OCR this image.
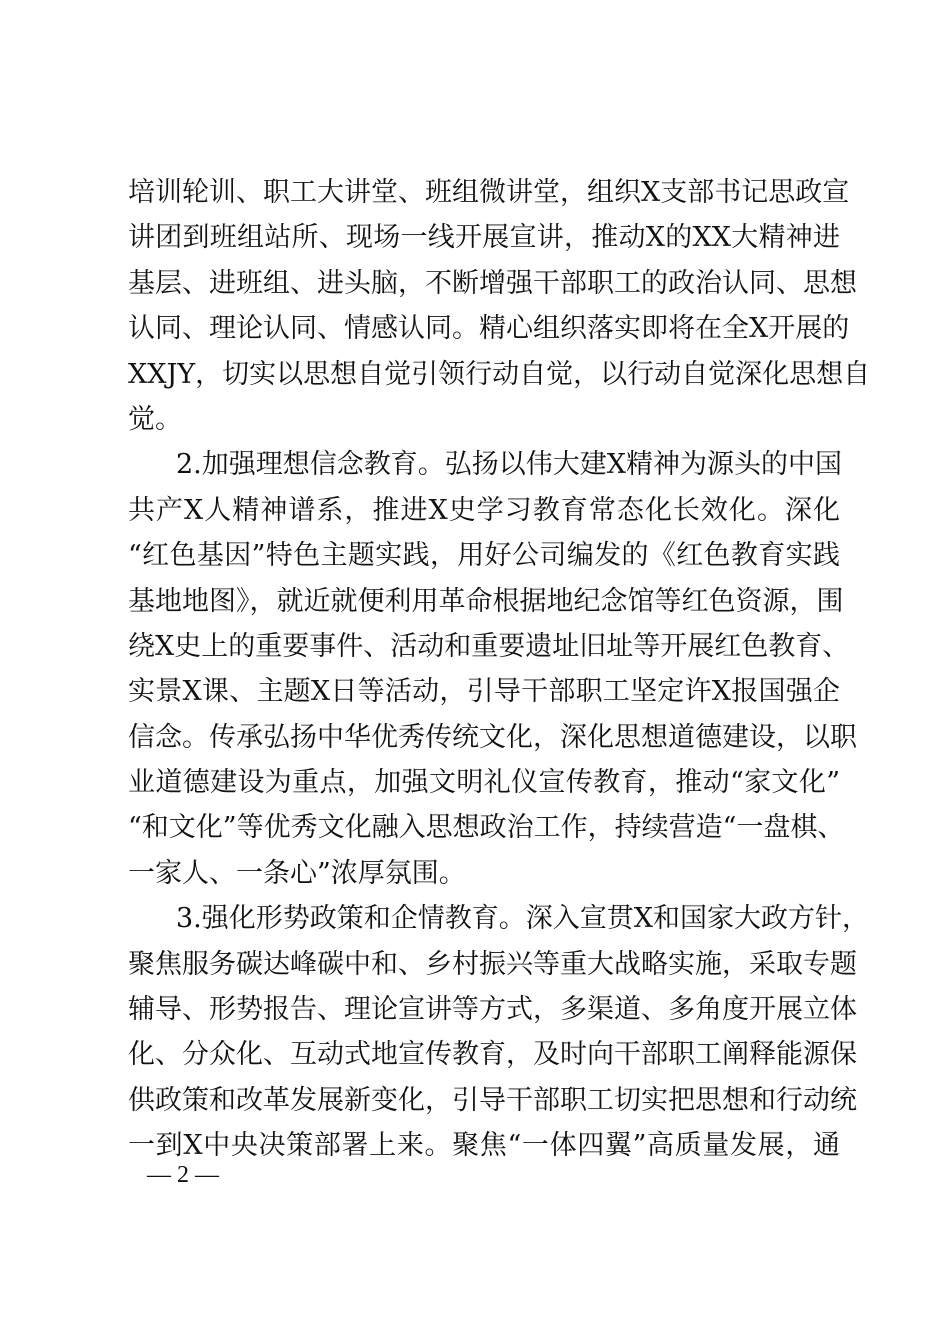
培训轮训、职工大讲堂、班组微讲堂，组织X支部书记思政宣
讲团到班组站所、现场一线开展宣讲，推动X的XX大精神进
基层、进班组、进头脑，不断增强干部职工的政治认同、思想
认同、理论认同、情感认同。精心组织落实即将在全X开展的
XXJY，切实以思想自觉引领行动自觉，以行动自觉深化思想自
觉。
2.加强理想信念教育。弘扬以伟大建X精神为源头的中国
共产X人精神谱系，推进X史学习教育常态化长效化。深化
“红色基因”特色主题实践，用好公司编发的《红色教育实践
基地地图》，就近就便利用革命根据地纪念馆等红色资源，围
绕X史上的重要事件、活动和重要遗址旧址等开展红色教育、
实景X课、主题X日等活动，引导干部职工坚定许X报国强企
信念。传承弘扬中华优秀传统文化，深化思想道德建设，以职
业道德建设为重点，加强文明礼仪宣传教育，推动“家文化”
“和文化”等优秀文化融入思想政治工作，持续营造“一盘棋、
一家人、一条心”浓厚氛围。
3.强化形势政策和企情教育。深入宣贯X和国家大政方针，
聚焦服务碳达峰碳中和、乡村振兴等重大战略实施，采取专题
辅导、形势报告、理论宣讲等方式，多渠道、多角度开展立体
化、分众化、互动式地宣传教育，及时向干部职工阐释能源保
供政策和改革发展新变化，引导干部职工切实把思想和行动统
一到X中央决策部署上来。聚焦“一体四翼”高质量发展，通
— 2 —
